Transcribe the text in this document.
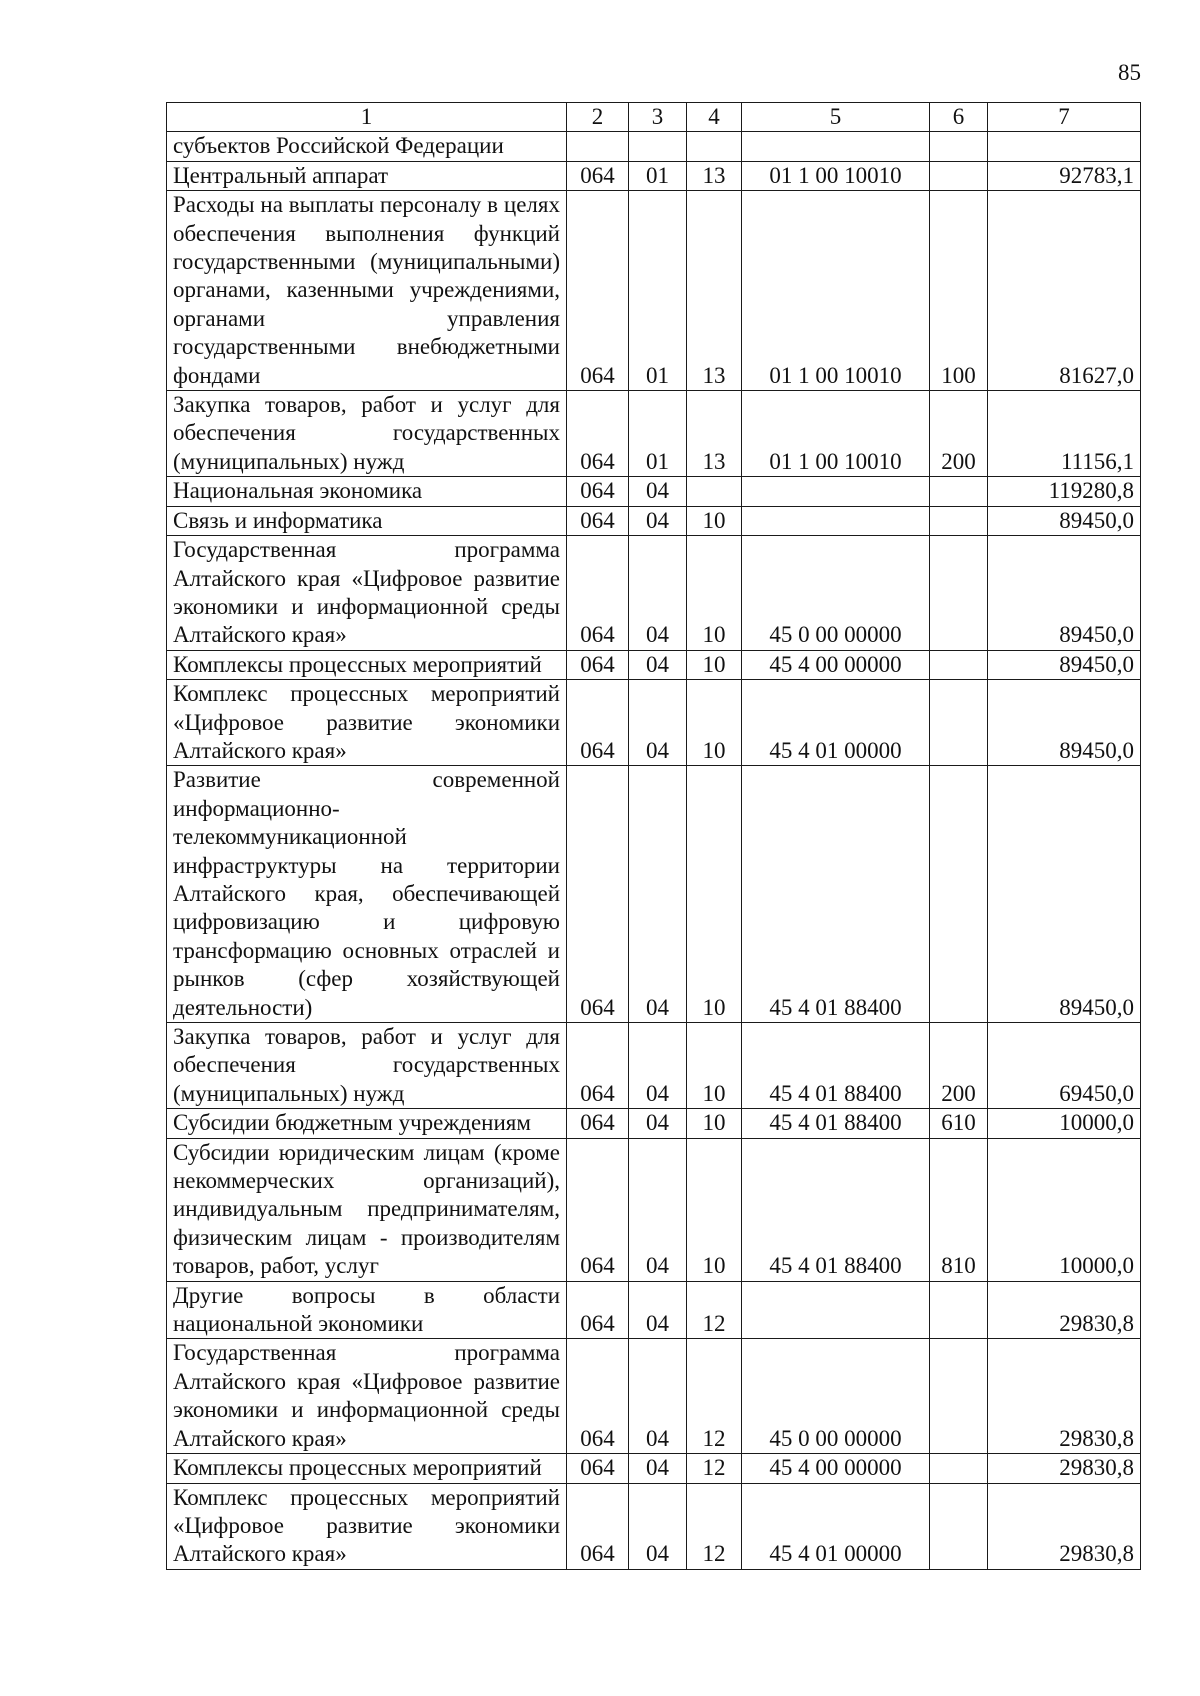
85
1	2	3	4	5	6	7
субъектов Российской Федерации						
Центральный аппарат	064	01	13	01 1 00 10010		92783,1
Расходы на выплаты персоналу в целях обеспечения выполнения функций государственными (муниципальными) органами, казенными учреждениями, органами управления государственными внебюджетными фондами	064	01	13	01 1 00 10010	100	81627,0
Закупка товаров, работ и услуг для обеспечения государственных (муниципальных) нужд	064	01	13	01 1 00 10010	200	11156,1
Национальная экономика	064	04				119280,8
Связь и информатика	064	04	10			89450,0
Государственная программа Алтайского края «Цифровое развитие экономики и информационной среды Алтайского края»	064	04	10	45 0 00 00000		89450,0
Комплексы процессных мероприятий	064	04	10	45 4 00 00000		89450,0
Комплекс процессных мероприятий «Цифровое развитие экономики Алтайского края»	064	04	10	45 4 01 00000		89450,0
Развитие современной информационно-телекоммуникационной инфраструктуры на территории Алтайского края, обеспечивающей цифровизацию и цифровую трансформацию основных отраслей и рынков (сфер хозяйствующей деятельности)	064	04	10	45 4 01 88400		89450,0
Закупка товаров, работ и услуг для обеспечения государственных (муниципальных) нужд	064	04	10	45 4 01 88400	200	69450,0
Субсидии бюджетным учреждениям	064	04	10	45 4 01 88400	610	10000,0
Субсидии юридическим лицам (кроме некоммерческих организаций), индивидуальным предпринимателям, физическим лицам - производителям товаров, работ, услуг	064	04	10	45 4 01 88400	810	10000,0
Другие вопросы в области национальной экономики	064	04	12			29830,8
Государственная программа Алтайского края «Цифровое развитие экономики и информационной среды Алтайского края»	064	04	12	45 0 00 00000		29830,8
Комплексы процессных мероприятий	064	04	12	45 4 00 00000		29830,8
Комплекс процессных мероприятий «Цифровое развитие экономики Алтайского края»	064	04	12	45 4 01 00000		29830,8
